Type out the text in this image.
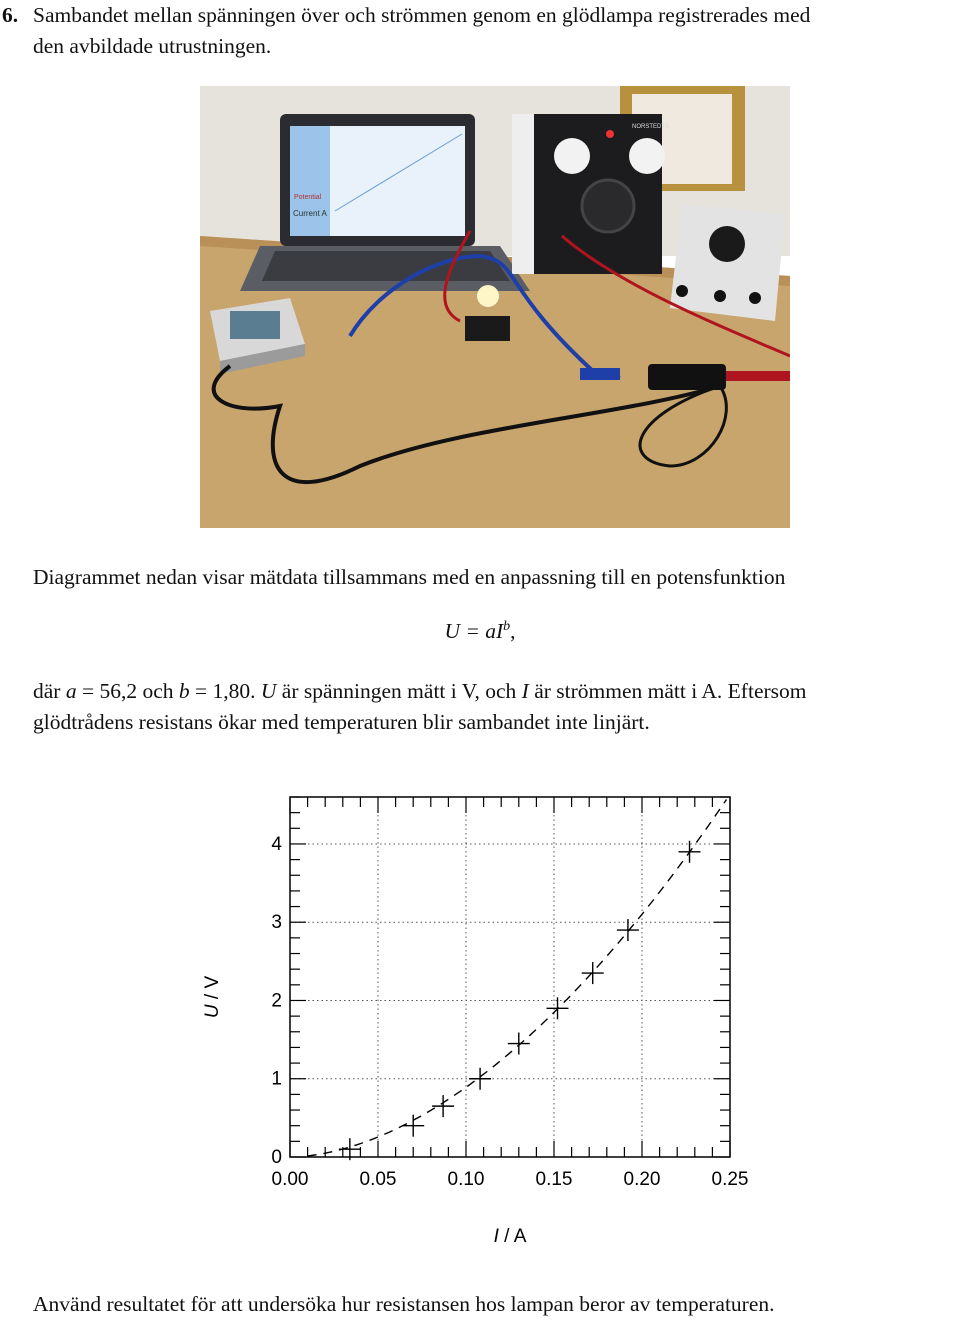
6. Sambandet mellan spänningen över och strömmen genom en glödlampa registrerades med
den avbildade utrustningen.
Potential
Current A
NORSTEDTS
Diagrammet nedan visar mätdata tillsammans med en anpassning till en potensfunktion
$U = aI^b$,
där a = 56,2 och b = 1,80. U är spänningen mätt i V, och I är strömmen mätt i A. Eftersom
glödtrådens resistans ökar med temperaturen blir sambandet inte linjärt.
0.00	0.05	0.10	0.15	0.20	0.25
0
1
2
3
4
I / A
U / V
Använd resultatet för att undersöka hur resistansen hos lampan beror av temperaturen.
